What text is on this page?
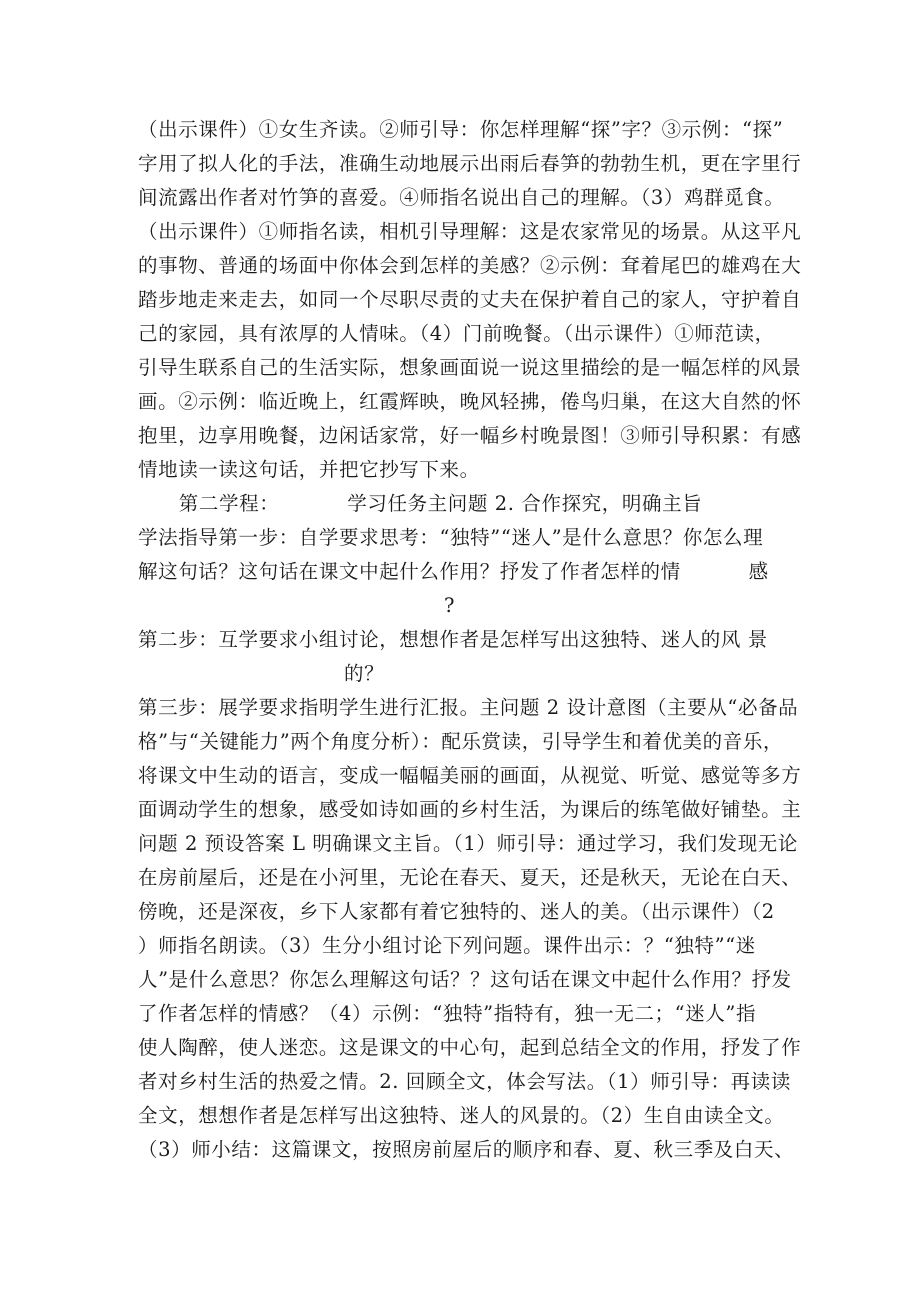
（出示课件）①女生齐读。②师引导：你怎样理解“探”字？③示例：“探”
字用了拟人化的手法，准确生动地展示出雨后春笋的勃勃生机，更在字里行
间流露出作者对竹笋的喜爱。④师指名说出自己的理解。（3）鸡群觅食。
（出示课件）①师指名读，相机引导理解：这是农家常见的场景。从这平凡
的事物、普通的场面中你体会到怎样的美感？②示例：耷着尾巴的雄鸡在大
踏步地走来走去，如同一个尽职尽责的丈夫在保护着自己的家人，守护着自
己的家园，具有浓厚的人情味。（4）门前晚餐。（出示课件）①师范读，
引导生联系自己的生活实际，想象画面说一说这里描绘的是一幅怎样的风景
画。②示例：临近晚上，红霞辉映，晚风轻拂，倦鸟归巢，在这大自然的怀
抱里，边享用晚餐，边闲话家常，好一幅乡村晚景图！③师引导积累：有感
情地读一读这句话，并把它抄写下来。
第二学程：          学习任务主问题 2. 合作探究，明确主旨
学法指导第一步：自学要求思考：“独特”“迷人”是什么意思？你怎么理
解这句话？这句话在课文中起什么作用？抒发了作者怎样的情          感
?
第二步：互学要求小组讨论，想想作者是怎样写出这独特、迷人的风 景
的？
第三步：展学要求指明学生进行汇报。主问题 2 设计意图（主要从“必备品
格”与“关键能力”两个角度分析）：配乐赏读，引导学生和着优美的音乐，
将课文中生动的语言，变成一幅幅美丽的画面，从视觉、听觉、感觉等多方
面调动学生的想象，感受如诗如画的乡村生活，为课后的练笔做好铺垫。主
问题 2 预设答案 L 明确课文主旨。（1）师引导：通过学习，我们发现无论
在房前屋后，还是在小河里，无论在春天、夏天，还是秋天，无论在白天、
傍晚，还是深夜，乡下人家都有着它独特的、迷人的美。（出示课件）（2
）师指名朗读。（3）生分小组讨论下列问题。课件出示：？“独特”“迷
人”是什么意思？你怎么理解这句话？？这句话在课文中起什么作用？抒发
了作者怎样的情感？（4）示例：“独特”指特有，独一无二；“迷人”指
使人陶醉，使人迷恋。这是课文的中心句，起到总结全文的作用，抒发了作
者对乡村生活的热爱之情。2. 回顾全文，体会写法。（1）师引导：再读读
全文，想想作者是怎样写出这独特、迷人的风景的。（2）生自由读全文。
（3）师小结：这篇课文，按照房前屋后的顺序和春、夏、秋三季及白天、
